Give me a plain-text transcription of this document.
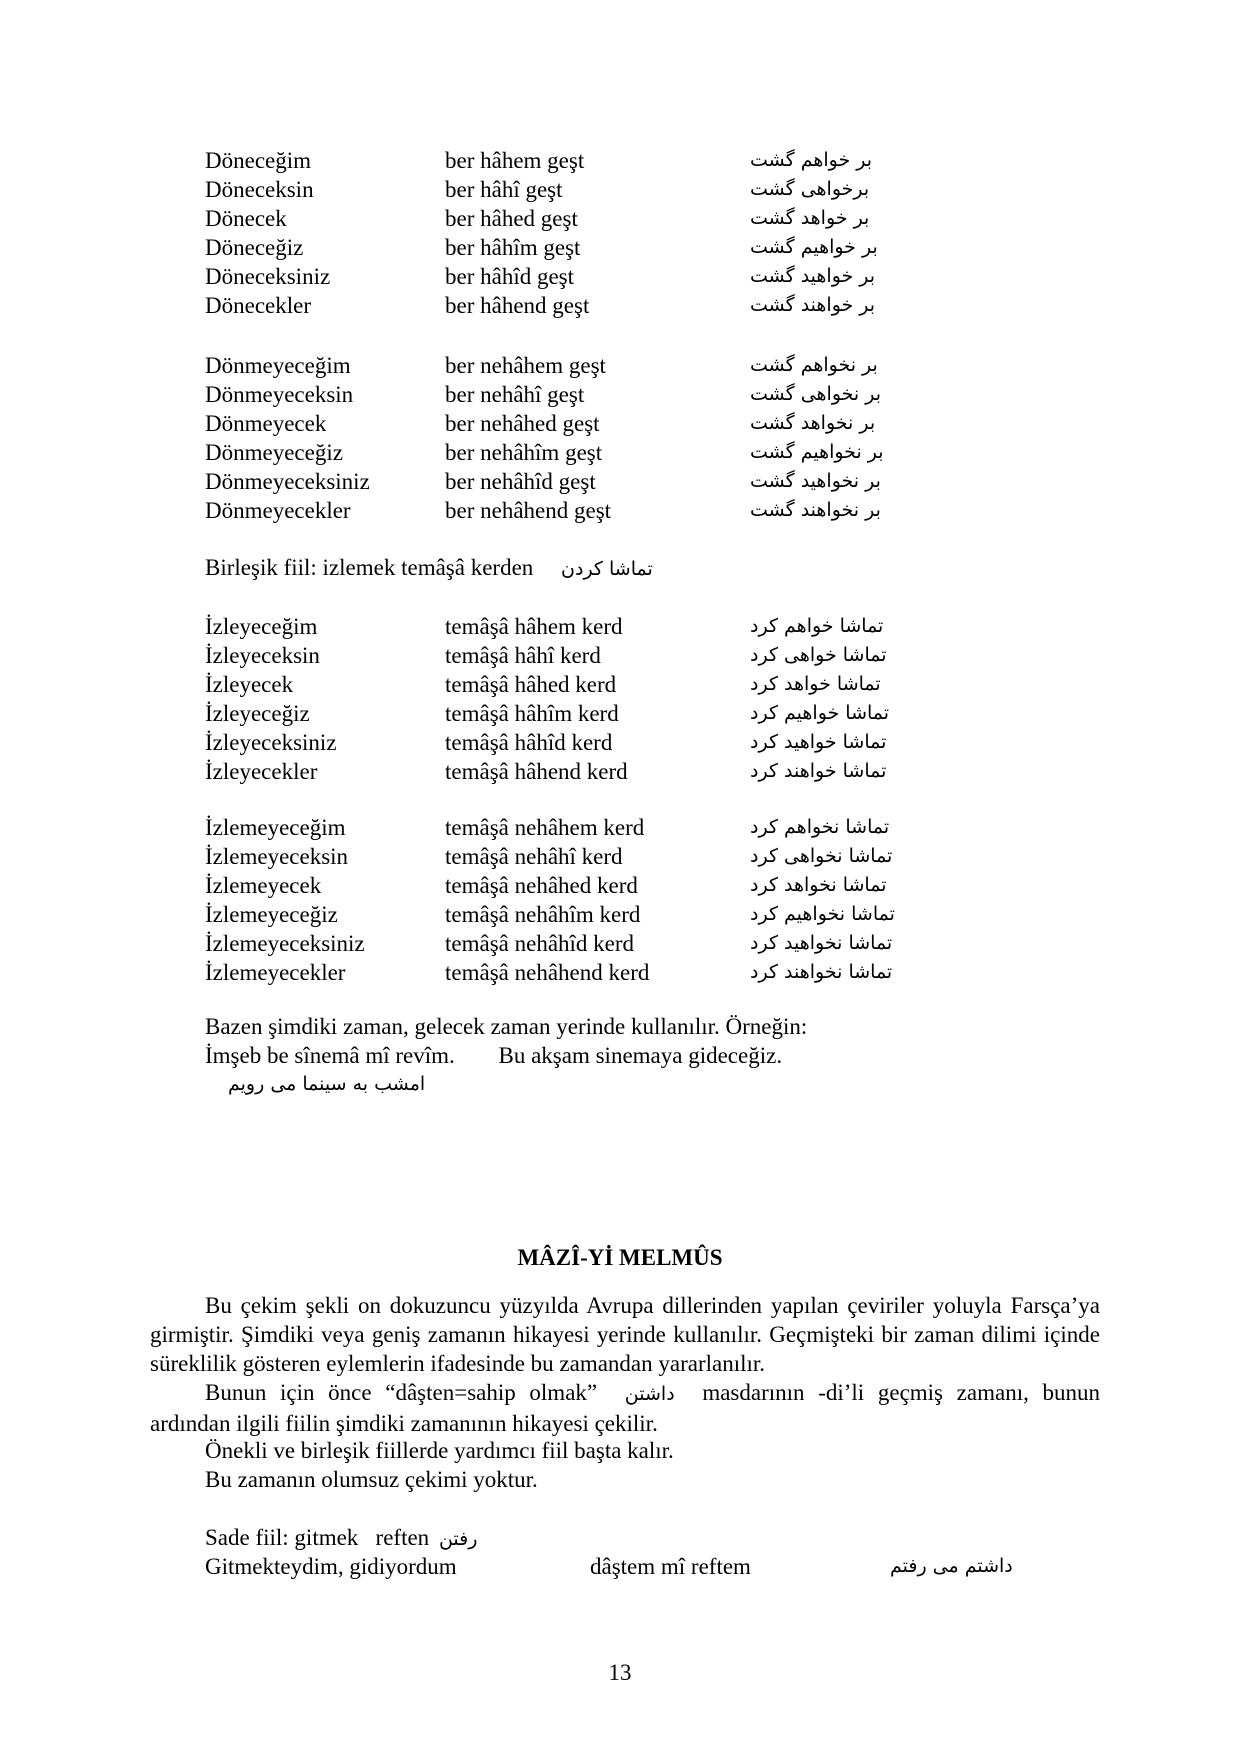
Döneceğim	ber hâhem geşt	بر خواهم گشت
Döneceksin	ber hâhî geşt	برخواهی گشت
Dönecek	ber hâhed geşt	بر خواهد گشت
Döneceğiz	ber hâhîm geşt	بر خواهیم گشت
Döneceksiniz	ber hâhîd geşt	بر خواهید گشت
Dönecekler	ber hâhend geşt	بر خواهند گشت
Dönmeyeceğim	ber nehâhem geşt	بر نخواهم گشت
Dönmeyeceksin	ber nehâhî geşt	بر نخواهی گشت
Dönmeyecek	ber nehâhed geşt	بر نخواهد گشت
Dönmeyeceğiz	ber nehâhîm geşt	بر نخواهیم گشت
Dönmeyeceksiniz	ber nehâhîd geşt	بر نخواهید گشت
Dönmeyecekler	ber nehâhend geşt	بر نخواهند گشت
Birleşik fiil: izlemek temâşâ kerden تماشا کردن
İzleyeceğim	temâşâ hâhem kerd	تماشا خواهم کرد
İzleyeceksin	temâşâ hâhî kerd	تماشا خواهی کرد
İzleyecek	temâşâ hâhed kerd	تماشا خواهد کرد
İzleyeceğiz	temâşâ hâhîm kerd	تماشا خواهیم کرد
İzleyeceksiniz	temâşâ hâhîd kerd	تماشا خواهید کرد
İzleyecekler	temâşâ hâhend kerd	تماشا خواهند کرد
İzlemeyeceğim	temâşâ nehâhem kerd	تماشا نخواهم کرد
İzlemeyeceksin	temâşâ nehâhî kerd	تماشا نخواهی کرد
İzlemeyecek	temâşâ nehâhed kerd	تماشا نخواهد کرد
İzlemeyeceğiz	temâşâ nehâhîm kerd	تماشا نخواهیم کرد
İzlemeyeceksiniz	temâşâ nehâhîd kerd	تماشا نخواهید کرد
İzlemeyecekler	temâşâ nehâhend kerd	تماشا نخواهند کرد
Bazen şimdiki zaman, gelecek zaman yerinde kullanılır. Örneğin:
İmşeb be sînemâ mî revîm. Bu akşam sinemaya gideceğiz.
امشب به سینما می رویم
MÂZÎ-Yİ MELMÛS
Bu çekim şekli on dokuzuncu yüzyılda Avrupa dillerinden yapılan çeviriler yoluyla Farsça’ya girmiştir. Şimdiki veya geniş zamanın hikayesi yerinde kullanılır. Geçmişteki bir zaman dilimi içinde süreklilik gösteren eylemlerin ifadesinde bu zamandan yararlanılır.
Bunun için önce “dâşten=sahip olmak” داشتن masdarının -di’li geçmiş zamanı, bunun ardından ilgili fiilin şimdiki zamanının hikayesi çekilir.
Önekli ve birleşik fiillerde yardımcı fiil başta kalır.
Bu zamanın olumsuz çekimi yoktur.
Sade fiil: gitmek   reften رفتن
Gitmekteydim, gidiyordum	dâştem mî reftem	داشتم می رفتم
13
